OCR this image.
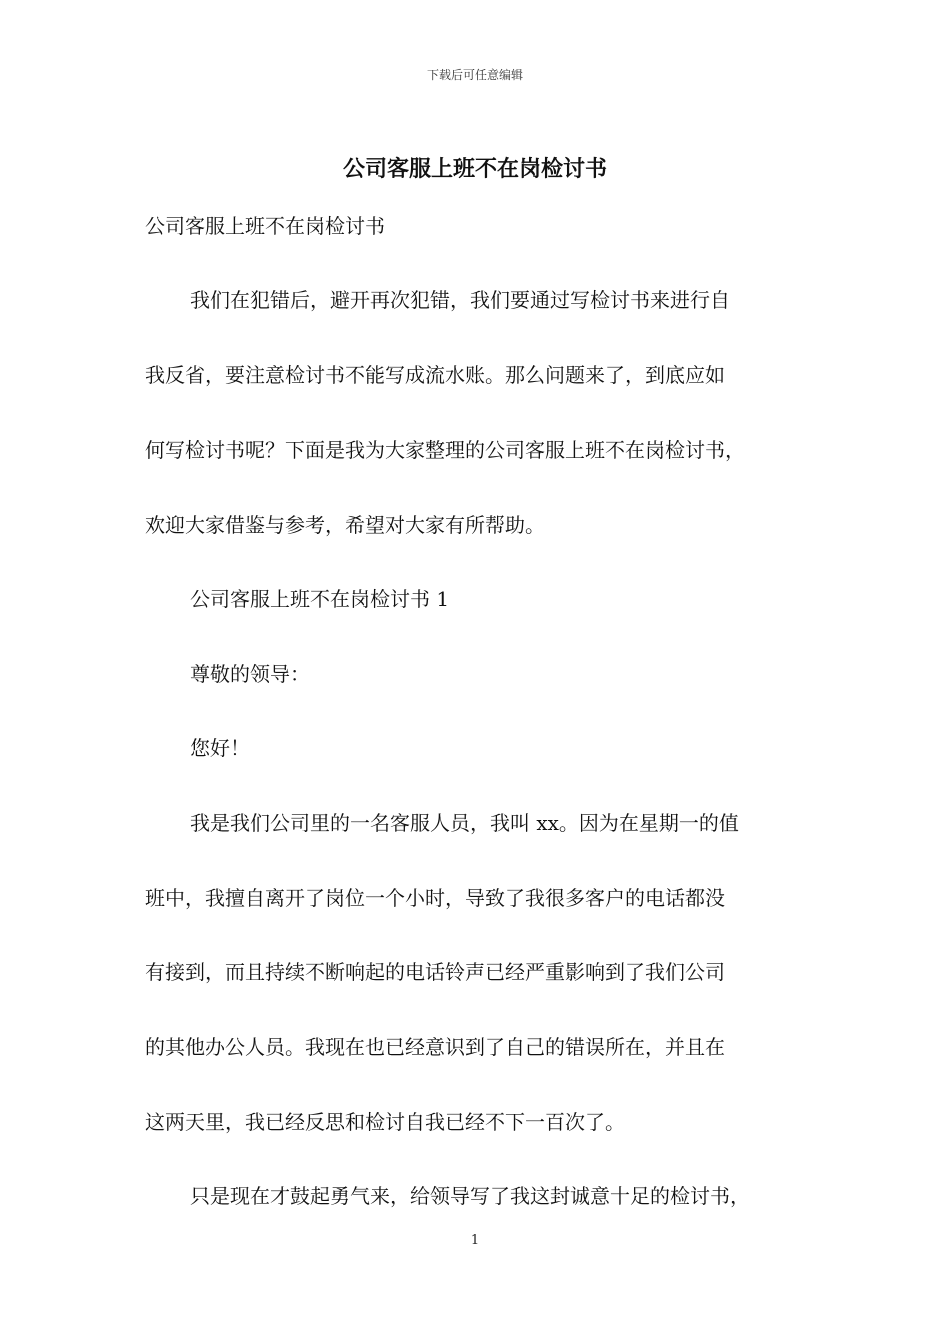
下载后可任意编辑
公司客服上班不在岗检讨书
公司客服上班不在岗检讨书
我们在犯错后，避开再次犯错，我们要通过写检讨书来进行自
我反省，要注意检讨书不能写成流水账。那么问题来了，到底应如
何写检讨书呢？下面是我为大家整理的公司客服上班不在岗检讨书，
欢迎大家借鉴与参考，希望对大家有所帮助。
公司客服上班不在岗检讨书 1
尊敬的领导：
您好！
我是我们公司里的一名客服人员，我叫 xx。因为在星期一的值
班中，我擅自离开了岗位一个小时，导致了我很多客户的电话都没
有接到，而且持续不断响起的电话铃声已经严重影响到了我们公司
的其他办公人员。我现在也已经意识到了自己的错误所在，并且在
这两天里，我已经反思和检讨自我已经不下一百次了。
只是现在才鼓起勇气来，给领导写了我这封诚意十足的检讨书，
1
